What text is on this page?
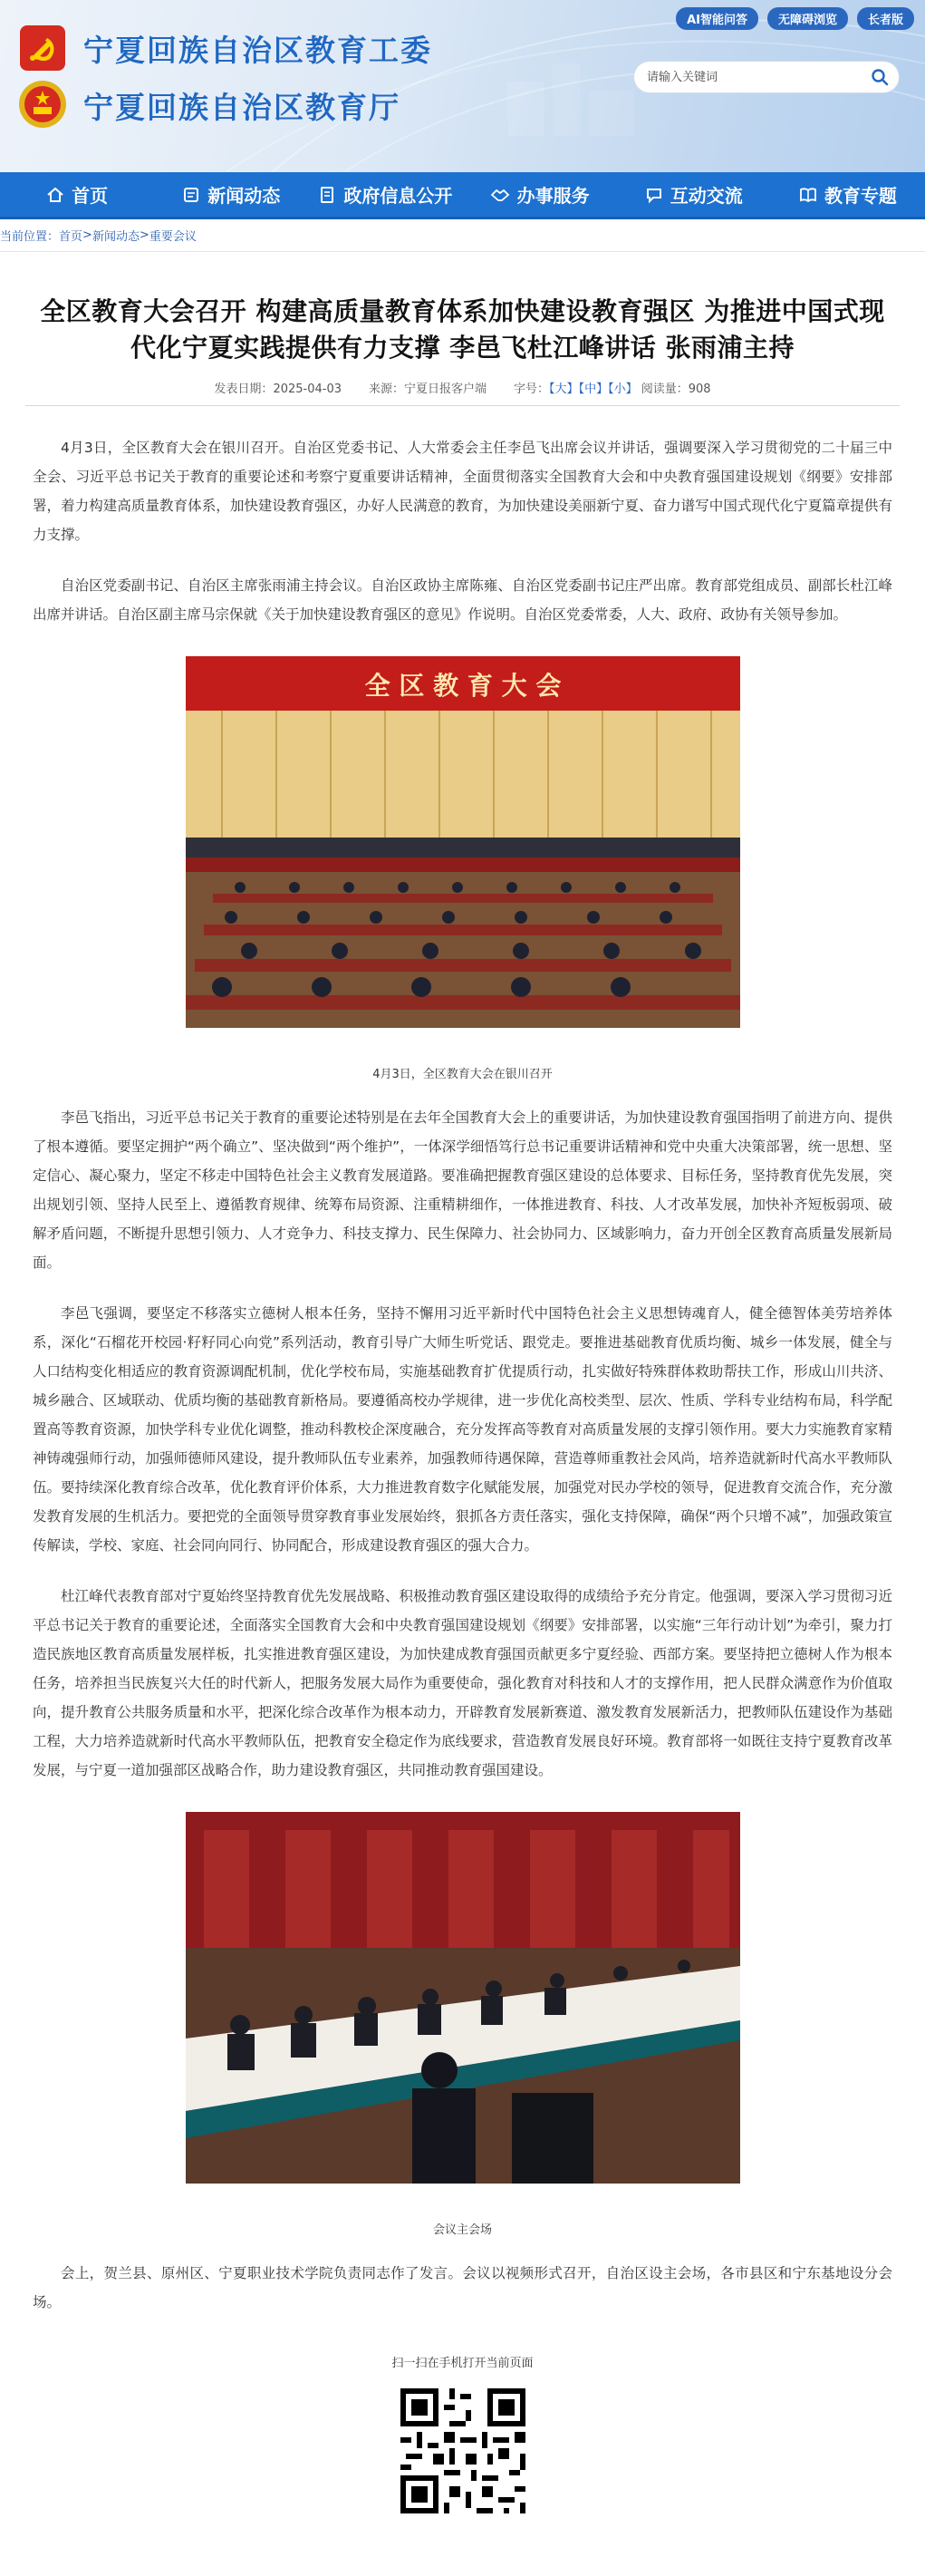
宁夏回族自治区教育工委
宁夏回族自治区教育厅
AI智能问答	无障碍浏览	长者版
请输入关键词
首页	新闻动态	政府信息公开	办事服务	互动交流	教育专题
当前位置： 首页 > 新闻动态 > 重要会议
全区教育大会召开 构建高质量教育体系加快建设教育强区 为推进中国式现代化宁夏实践提供有力支撑 李邑飞杜江峰讲话 张雨浦主持
发表日期：2025-04-03 来源：宁夏日报客户端 字号：【大】【中】【小】 阅读量：908

4月3日，全区教育大会在银川召开。自治区党委书记、人大常委会主任李邑飞出席会议并讲话，强调要深入学习贯彻党的二十届三中全会、习近平总书记关于教育的重要论述和考察宁夏重要讲话精神，全面贯彻落实全国教育大会和中央教育强国建设规划《纲要》安排部署，着力构建高质量教育体系，加快建设教育强区，办好人民满意的教育，为加快建设美丽新宁夏、奋力谱写中国式现代化宁夏篇章提供有力支撑。

自治区党委副书记、自治区主席张雨浦主持会议。自治区政协主席陈雍、自治区党委副书记庄严出席。教育部党组成员、副部长杜江峰出席并讲话。自治区副主席马宗保就《关于加快建设教育强区的意见》作说明。自治区党委常委，人大、政府、政协有关领导参加。

全 区 教 育 大 会
4月3日，全区教育大会在银川召开

李邑飞指出，习近平总书记关于教育的重要论述特别是在去年全国教育大会上的重要讲话，为加快建设教育强国指明了前进方向、提供了根本遵循。要坚定拥护“两个确立”、坚决做到“两个维护”，一体深学细悟笃行总书记重要讲话精神和党中央重大决策部署，统一思想、坚定信心、凝心聚力，坚定不移走中国特色社会主义教育发展道路。要准确把握教育强区建设的总体要求、目标任务，坚持教育优先发展，突出规划引领、坚持人民至上、遵循教育规律、统筹布局资源、注重精耕细作，一体推进教育、科技、人才改革发展，加快补齐短板弱项、破解矛盾问题，不断提升思想引领力、人才竞争力、科技支撑力、民生保障力、社会协同力、区域影响力，奋力开创全区教育高质量发展新局面。

李邑飞强调，要坚定不移落实立德树人根本任务，坚持不懈用习近平新时代中国特色社会主义思想铸魂育人，健全德智体美劳培养体系，深化“石榴花开校园·籽籽同心向党”系列活动，教育引导广大师生听党话、跟党走。要推进基础教育优质均衡、城乡一体发展，健全与人口结构变化相适应的教育资源调配机制，优化学校布局，实施基础教育扩优提质行动，扎实做好特殊群体救助帮扶工作，形成山川共济、城乡融合、区域联动、优质均衡的基础教育新格局。要遵循高校办学规律，进一步优化高校类型、层次、性质、学科专业结构布局，科学配置高等教育资源，加快学科专业优化调整，推动科教校企深度融合，充分发挥高等教育对高质量发展的支撑引领作用。要大力实施教育家精神铸魂强师行动，加强师德师风建设，提升教师队伍专业素养，加强教师待遇保障，营造尊师重教社会风尚，培养造就新时代高水平教师队伍。要持续深化教育综合改革，优化教育评价体系，大力推进教育数字化赋能发展，加强党对民办学校的领导，促进教育交流合作，充分激发教育发展的生机活力。要把党的全面领导贯穿教育事业发展始终，狠抓各方责任落实，强化支持保障，确保“两个只增不减”，加强政策宣传解读，学校、家庭、社会同向同行、协同配合，形成建设教育强区的强大合力。

杜江峰代表教育部对宁夏始终坚持教育优先发展战略、积极推动教育强区建设取得的成绩给予充分肯定。他强调，要深入学习贯彻习近平总书记关于教育的重要论述，全面落实全国教育大会和中央教育强国建设规划《纲要》安排部署，以实施“三年行动计划”为牵引，聚力打造民族地区教育高质量发展样板，扎实推进教育强区建设，为加快建成教育强国贡献更多宁夏经验、西部方案。要坚持把立德树人作为根本任务，培养担当民族复兴大任的时代新人，把服务发展大局作为重要使命，强化教育对科技和人才的支撑作用，把人民群众满意作为价值取向，提升教育公共服务质量和水平，把深化综合改革作为根本动力，开辟教育发展新赛道、激发教育发展新活力，把教师队伍建设作为基础工程，大力培养造就新时代高水平教师队伍，把教育安全稳定作为底线要求，营造教育发展良好环境。教育部将一如既往支持宁夏教育改革发展，与宁夏一道加强部区战略合作，助力建设教育强区，共同推动教育强国建设。

会议主会场

会上，贺兰县、原州区、宁夏职业技术学院负责同志作了发言。会议以视频形式召开，自治区设主会场，各市县区和宁东基地设分会场。

扫一扫在手机打开当前页面
